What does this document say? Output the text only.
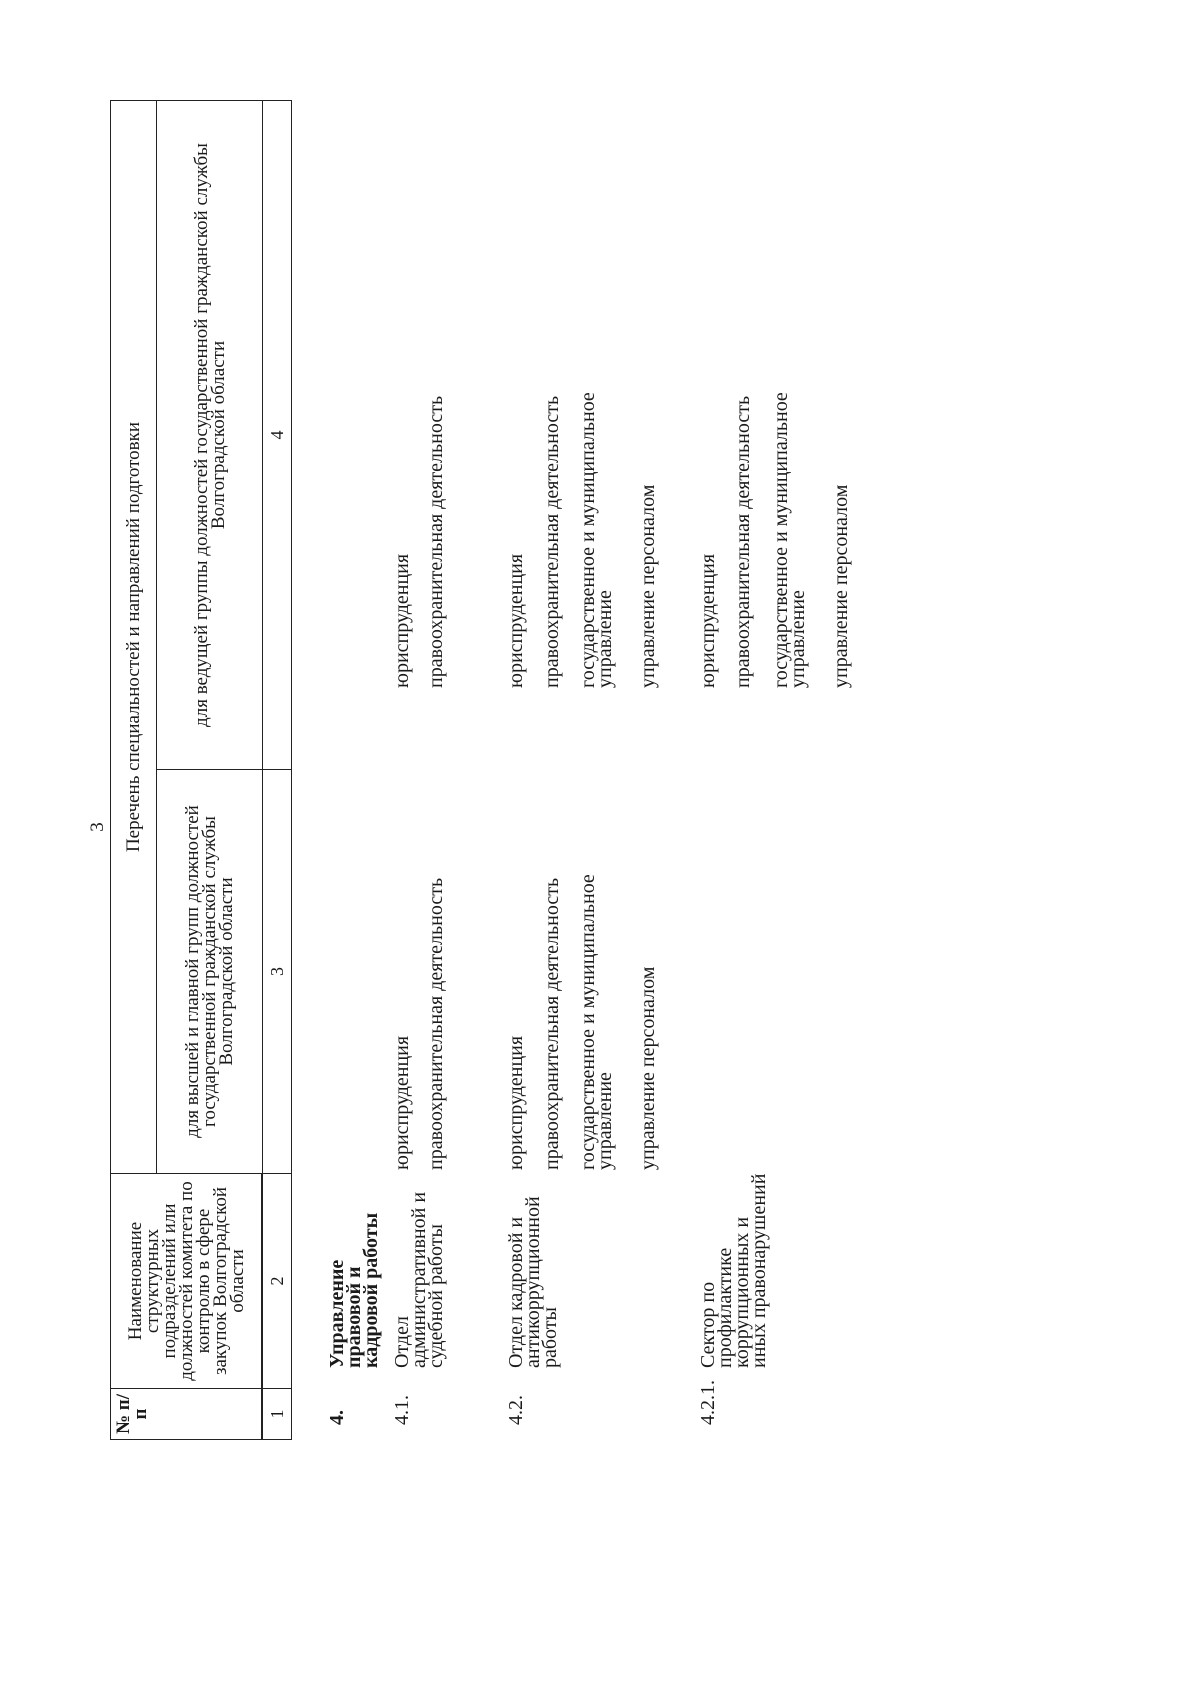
3
№ п/п
Наименование структурных подразделений или должностей комитета по контролю в сфере закупок Волгоградской области
Перечень специальностей и направлений подготовки
для высшей и главной групп должностей государственной гражданской службы Волгоградской области
для ведущей группы должностей государственной гражданской службы Волгоградской области
1
2
3
4
4.
Управление правовой и кадровой работы
4.1.
Отдел административной и судебной работы
юриспруденция правоохранительная деятельность
юриспруденция правоохранительная деятельность
4.2.
Отдел кадровой и антикоррупционной работы
юриспруденция правоохранительная деятельность государственное и муниципальное управление управление персоналом
юриспруденция правоохранительная деятельность государственное и муниципальное управление управление персоналом
4.2.1.
Сектор по профилактике коррупционных и иных правонарушений
юриспруденция правоохранительная деятельность государственное и муниципальное управление управление персоналом
